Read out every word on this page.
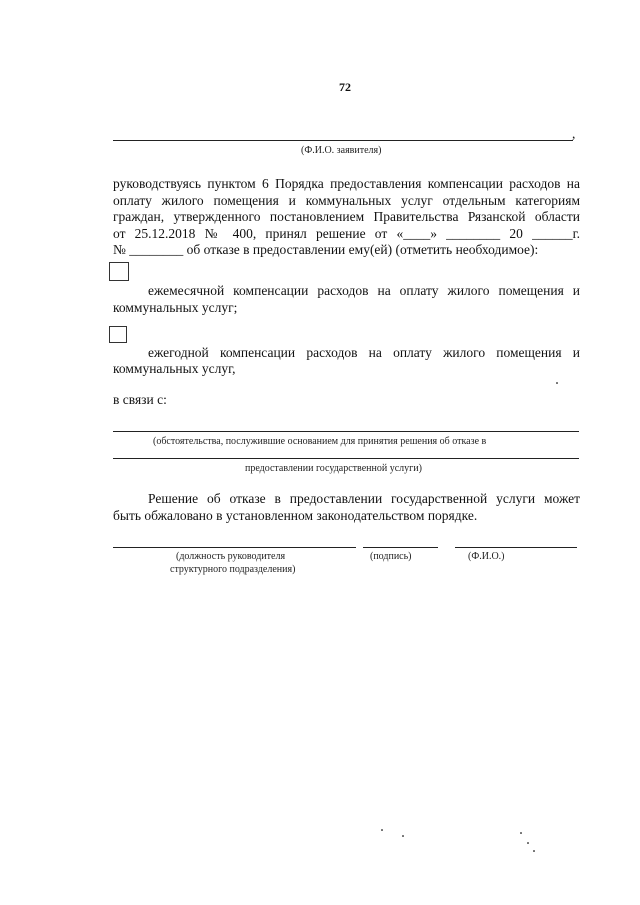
72
,
(Ф.И.О. заявителя)
руководствуясь пунктом 6 Порядка предоставления компенсации расходов на
оплату жилого помещения и коммунальных услуг отдельным категориям
граждан, утвержденного постановлением Правительства Рязанской области
от 25.12.2018 № 400, принял решение от «____» ________ 20 ______г.
№ ________ об отказе в предоставлении ему(ей) (отметить необходимое):
ежемесячной компенсации расходов на оплату жилого помещения и
коммунальных услуг;
ежегодной компенсации расходов на оплату жилого помещения и
коммунальных услуг,
в связи с:
(обстоятельства, послужившие основанием для принятия решения об отказе в
предоставлении государственной услуги)
Решение об отказе в предоставлении государственной услуги может
быть обжаловано в установленном законодательством порядке.
(должность руководителя
структурного подразделения)
(подпись)	(Ф.И.О.)
